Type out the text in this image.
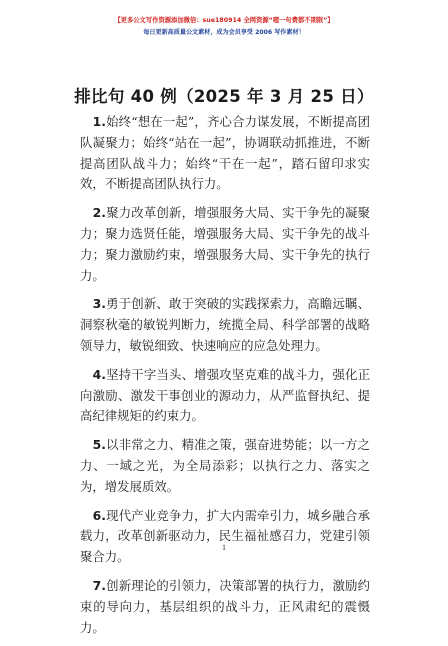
【更多公文写作资源添加微信：sue180914 全网资源“嗯一句费都不期限”】
每日更新高质量公文素材，成为会员享受 2006 写作素材！
排比句 40 例（2025 年 3 月 25 日）

1.始终“想在一起”，齐心合力谋发展，不断提高团队凝聚力；始终“站在一起”，协调联动抓推进，不断提高团队战斗力；始终“干在一起”，踏石留印求实效，不断提高团队执行力。

2.聚力改革创新，增强服务大局、实干争先的凝聚力；聚力选贤任能，增强服务大局、实干争先的战斗力；聚力激励约束，增强服务大局、实干争先的执行力。

3.勇于创新、敢于突破的实践探索力，高瞻远瞩、洞察秋毫的敏锐判断力，统揽全局、科学部署的战略领导力，敏锐细致、快速响应的应急处理力。

4.坚持干字当头、增强攻坚克难的战斗力，强化正向激励、激发干事创业的源动力，从严监督执纪、提高纪律规矩的约束力。

5.以非常之力、精准之策，强奋进势能；以一方之力、一域之光，为全局添彩；以执行之力、落实之为，增发展质效。

6.现代产业竞争力，扩大内需牵引力，城乡融合承载力，改革创新驱动力，民生福祉感召力，党建引领聚合力。

7.创新理论的引领力，决策部署的执行力，激励约束的导向力，基层组织的战斗力，正风肃纪的震慑力。

1
